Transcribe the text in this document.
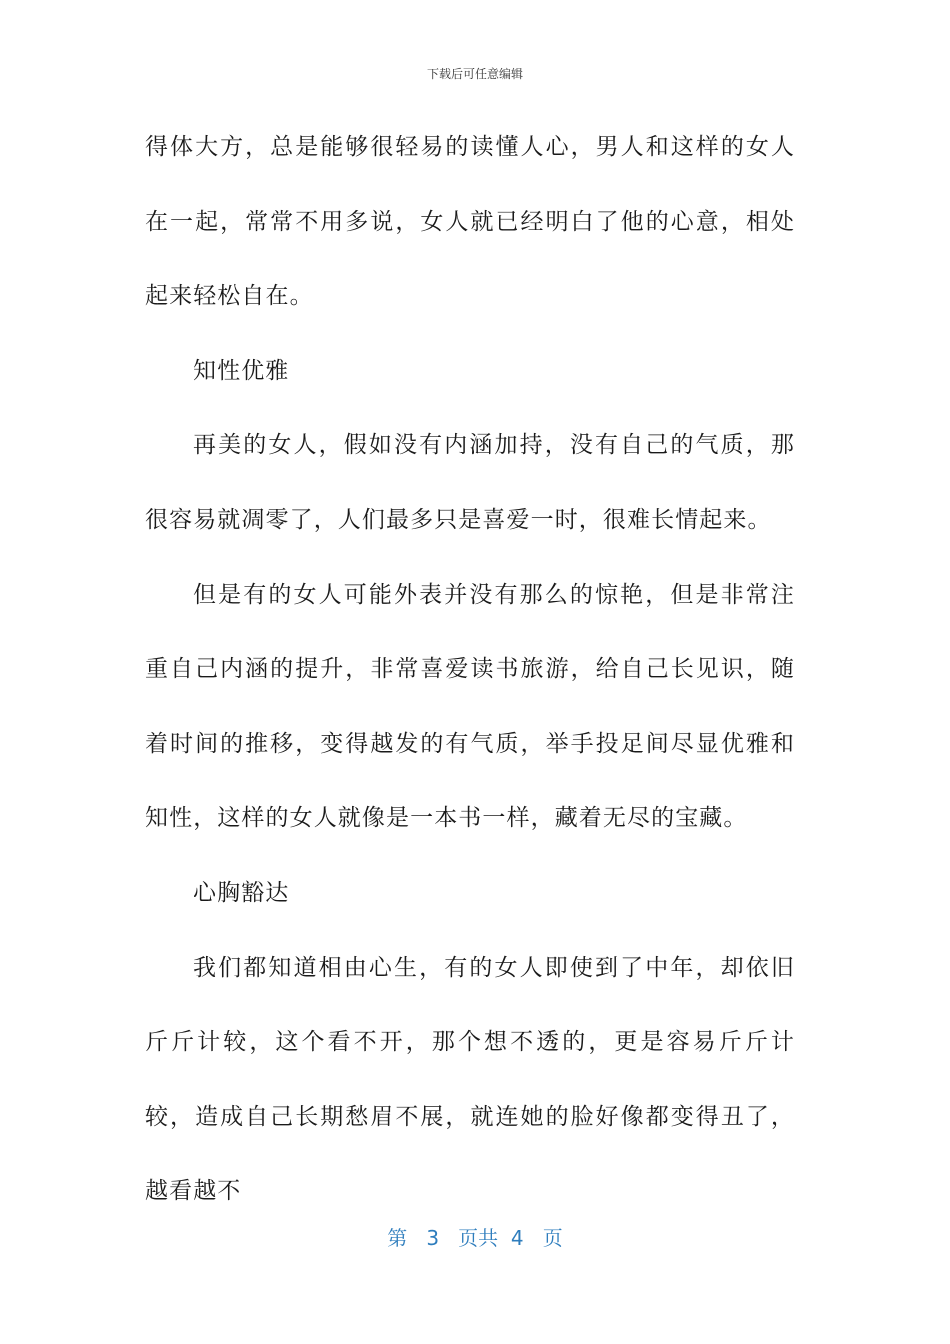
下载后可任意编辑

得体大方，总是能够很轻易的读懂人心，男人和这样的女人在一起，常常不用多说，女人就已经明白了他的心意，相处起来轻松自在。

知性优雅

再美的女人，假如没有内涵加持，没有自己的气质，那很容易就凋零了，人们最多只是喜爱一时，很难长情起来。

但是有的女人可能外表并没有那么的惊艳，但是非常注重自己内涵的提升，非常喜爱读书旅游，给自己长见识，随着时间的推移，变得越发的有气质，举手投足间尽显优雅和知性，这样的女人就像是一本书一样，藏着无尽的宝藏。

心胸豁达

我们都知道相由心生，有的女人即使到了中年，却依旧斤斤计较，这个看不开，那个想不透的，更是容易斤斤计较，造成自己长期愁眉不展，就连她的脸好像都变得丑了，越看越不

第 3 页共 4 页
